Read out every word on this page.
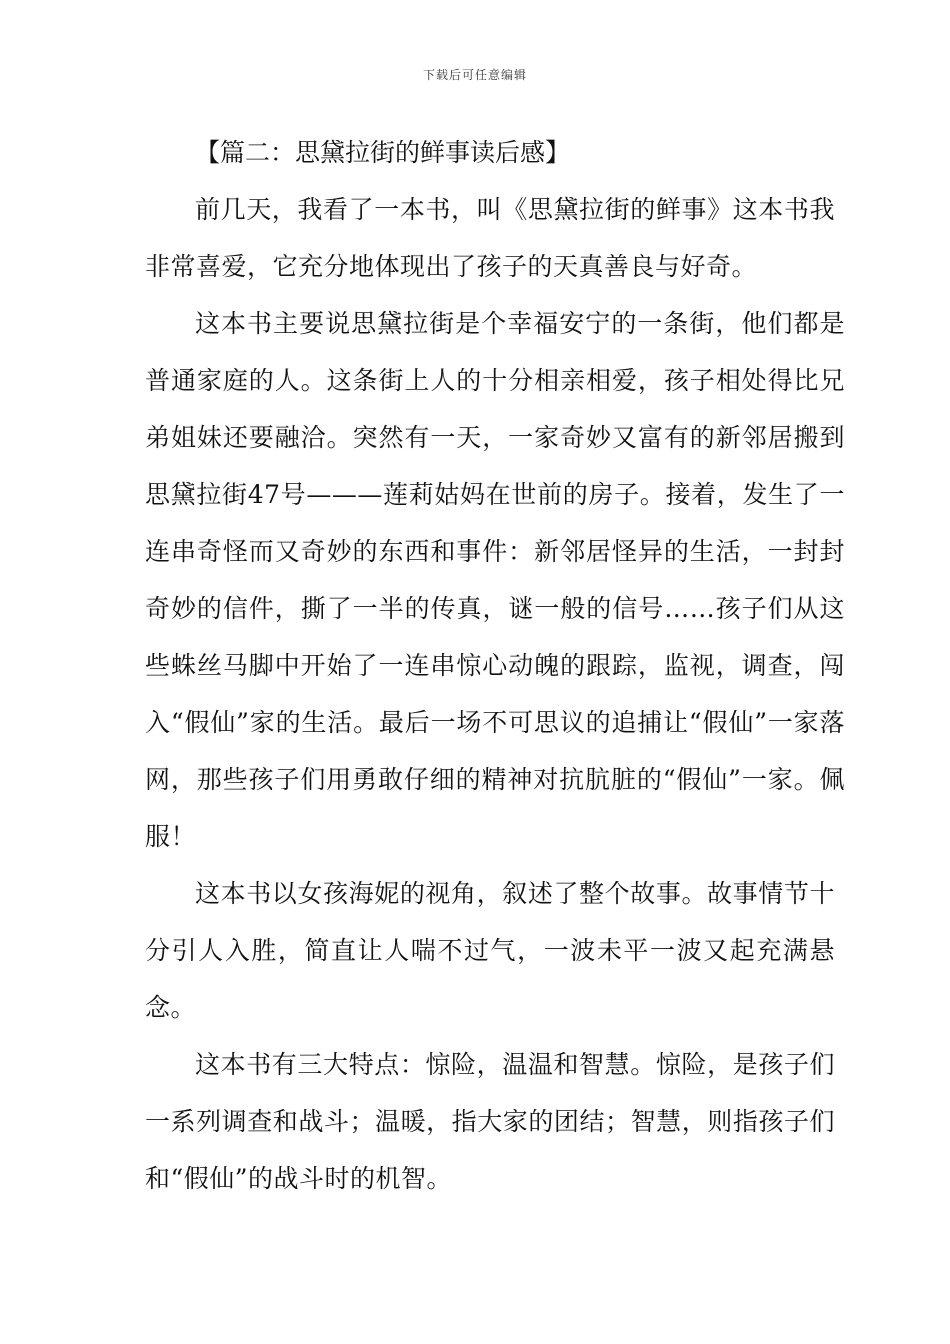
下载后可任意编辑
【篇二：思黛拉街的鲜事读后感】

前几天，我看了一本书，叫《思黛拉街的鲜事》这本书我非常喜爱，它充分地体现出了孩子的天真善良与好奇。

这本书主要说思黛拉街是个幸福安宁的一条街，他们都是普通家庭的人。这条街上人的十分相亲相爱，孩子相处得比兄弟姐妹还要融洽。突然有一天，一家奇妙又富有的新邻居搬到思黛拉街47号———莲莉姑妈在世前的房子。接着，发生了一连串奇怪而又奇妙的东西和事件：新邻居怪异的生活，一封封奇妙的信件，撕了一半的传真，谜一般的信号……孩子们从这些蛛丝马脚中开始了一连串惊心动魄的跟踪，监视，调查，闯入“假仙”家的生活。最后一场不可思议的追捕让“假仙”一家落网，那些孩子们用勇敢仔细的精神对抗肮脏的“假仙”一家。佩服！

这本书以女孩海妮的视角，叙述了整个故事。故事情节十分引人入胜，简直让人喘不过气，一波未平一波又起充满悬念。

这本书有三大特点：惊险，温温和智慧。惊险，是孩子们一系列调查和战斗；温暖，指大家的团结；智慧，则指孩子们和“假仙”的战斗时的机智。
